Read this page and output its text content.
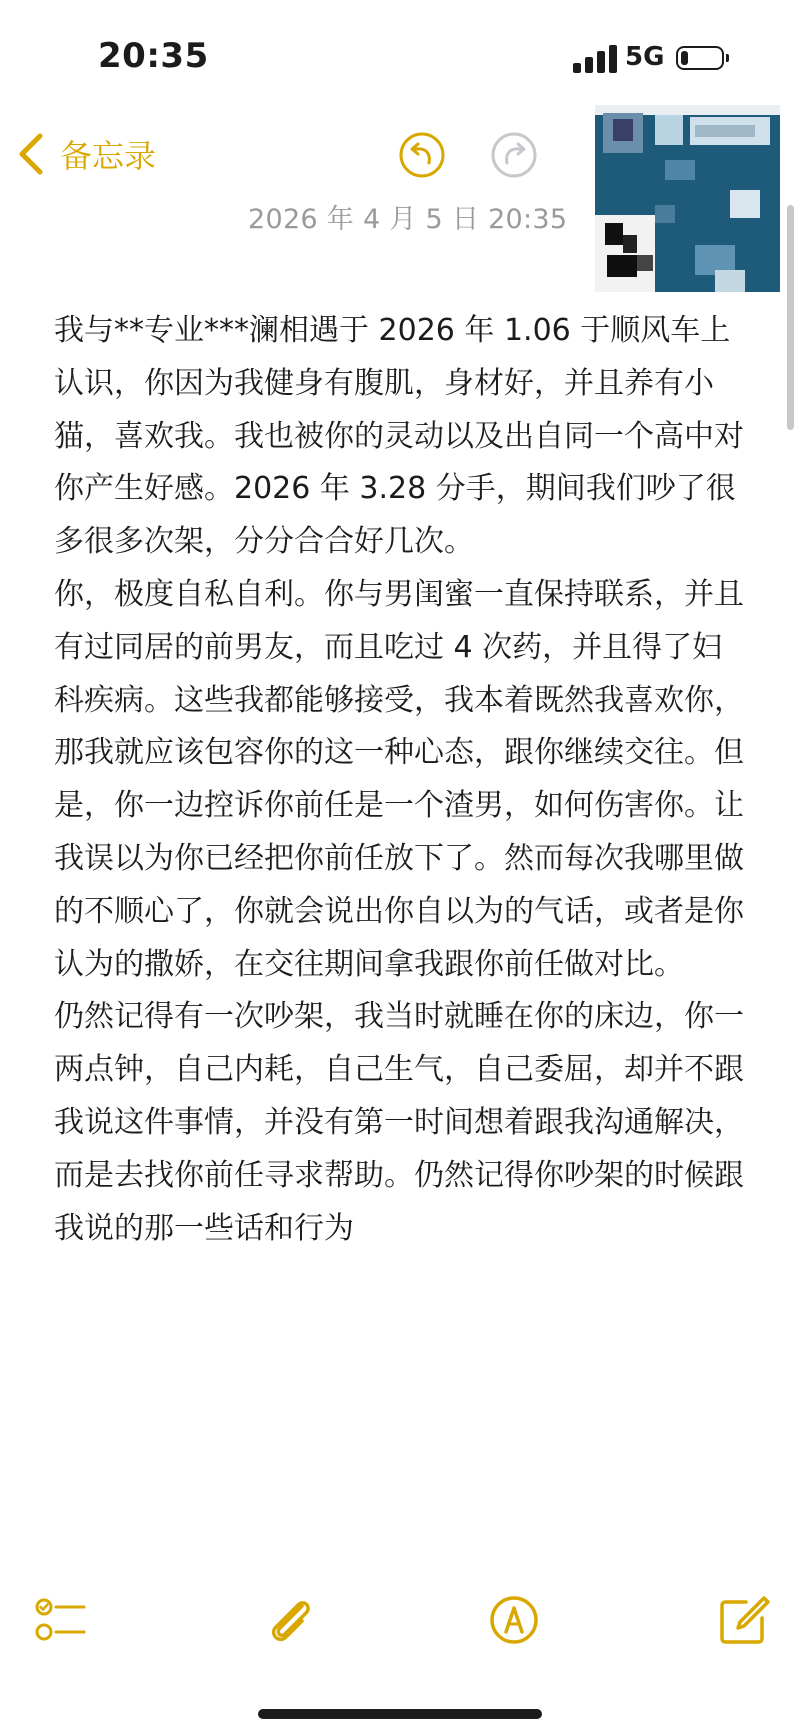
20:35	5G
备忘录
2026 年 4 月 5 日 20:35

我与**专业***澜相遇于 2026 年 1.06 于顺风车上认识，你因为我健身有腹肌，身材好，并且养有小猫，喜欢我。我也被你的灵动以及出自同一个高中对你产生好感。2026 年 3.28 分手，期间我们吵了很多很多次架，分分合合好几次。

你，极度自私自利。你与男闺蜜一直保持联系，并且有过同居的前男友，而且吃过 4 次药，并且得了妇科疾病。这些我都能够接受，我本着既然我喜欢你，那我就应该包容你的这一种心态，跟你继续交往。但是，你一边控诉你前任是一个渣男，如何伤害你。让我误以为你已经把你前任放下了。然而每次我哪里做的不顺心了，你就会说出你自以为的气话，或者是你认为的撒娇，在交往期间拿我跟你前任做对比。

仍然记得有一次吵架，我当时就睡在你的床边，你一两点钟，自己内耗，自己生气，自己委屈，却并不跟我说这件事情，并没有第一时间想着跟我沟通解决，而是去找你前任寻求帮助。仍然记得你吵架的时候跟我说的那一些话和行为
